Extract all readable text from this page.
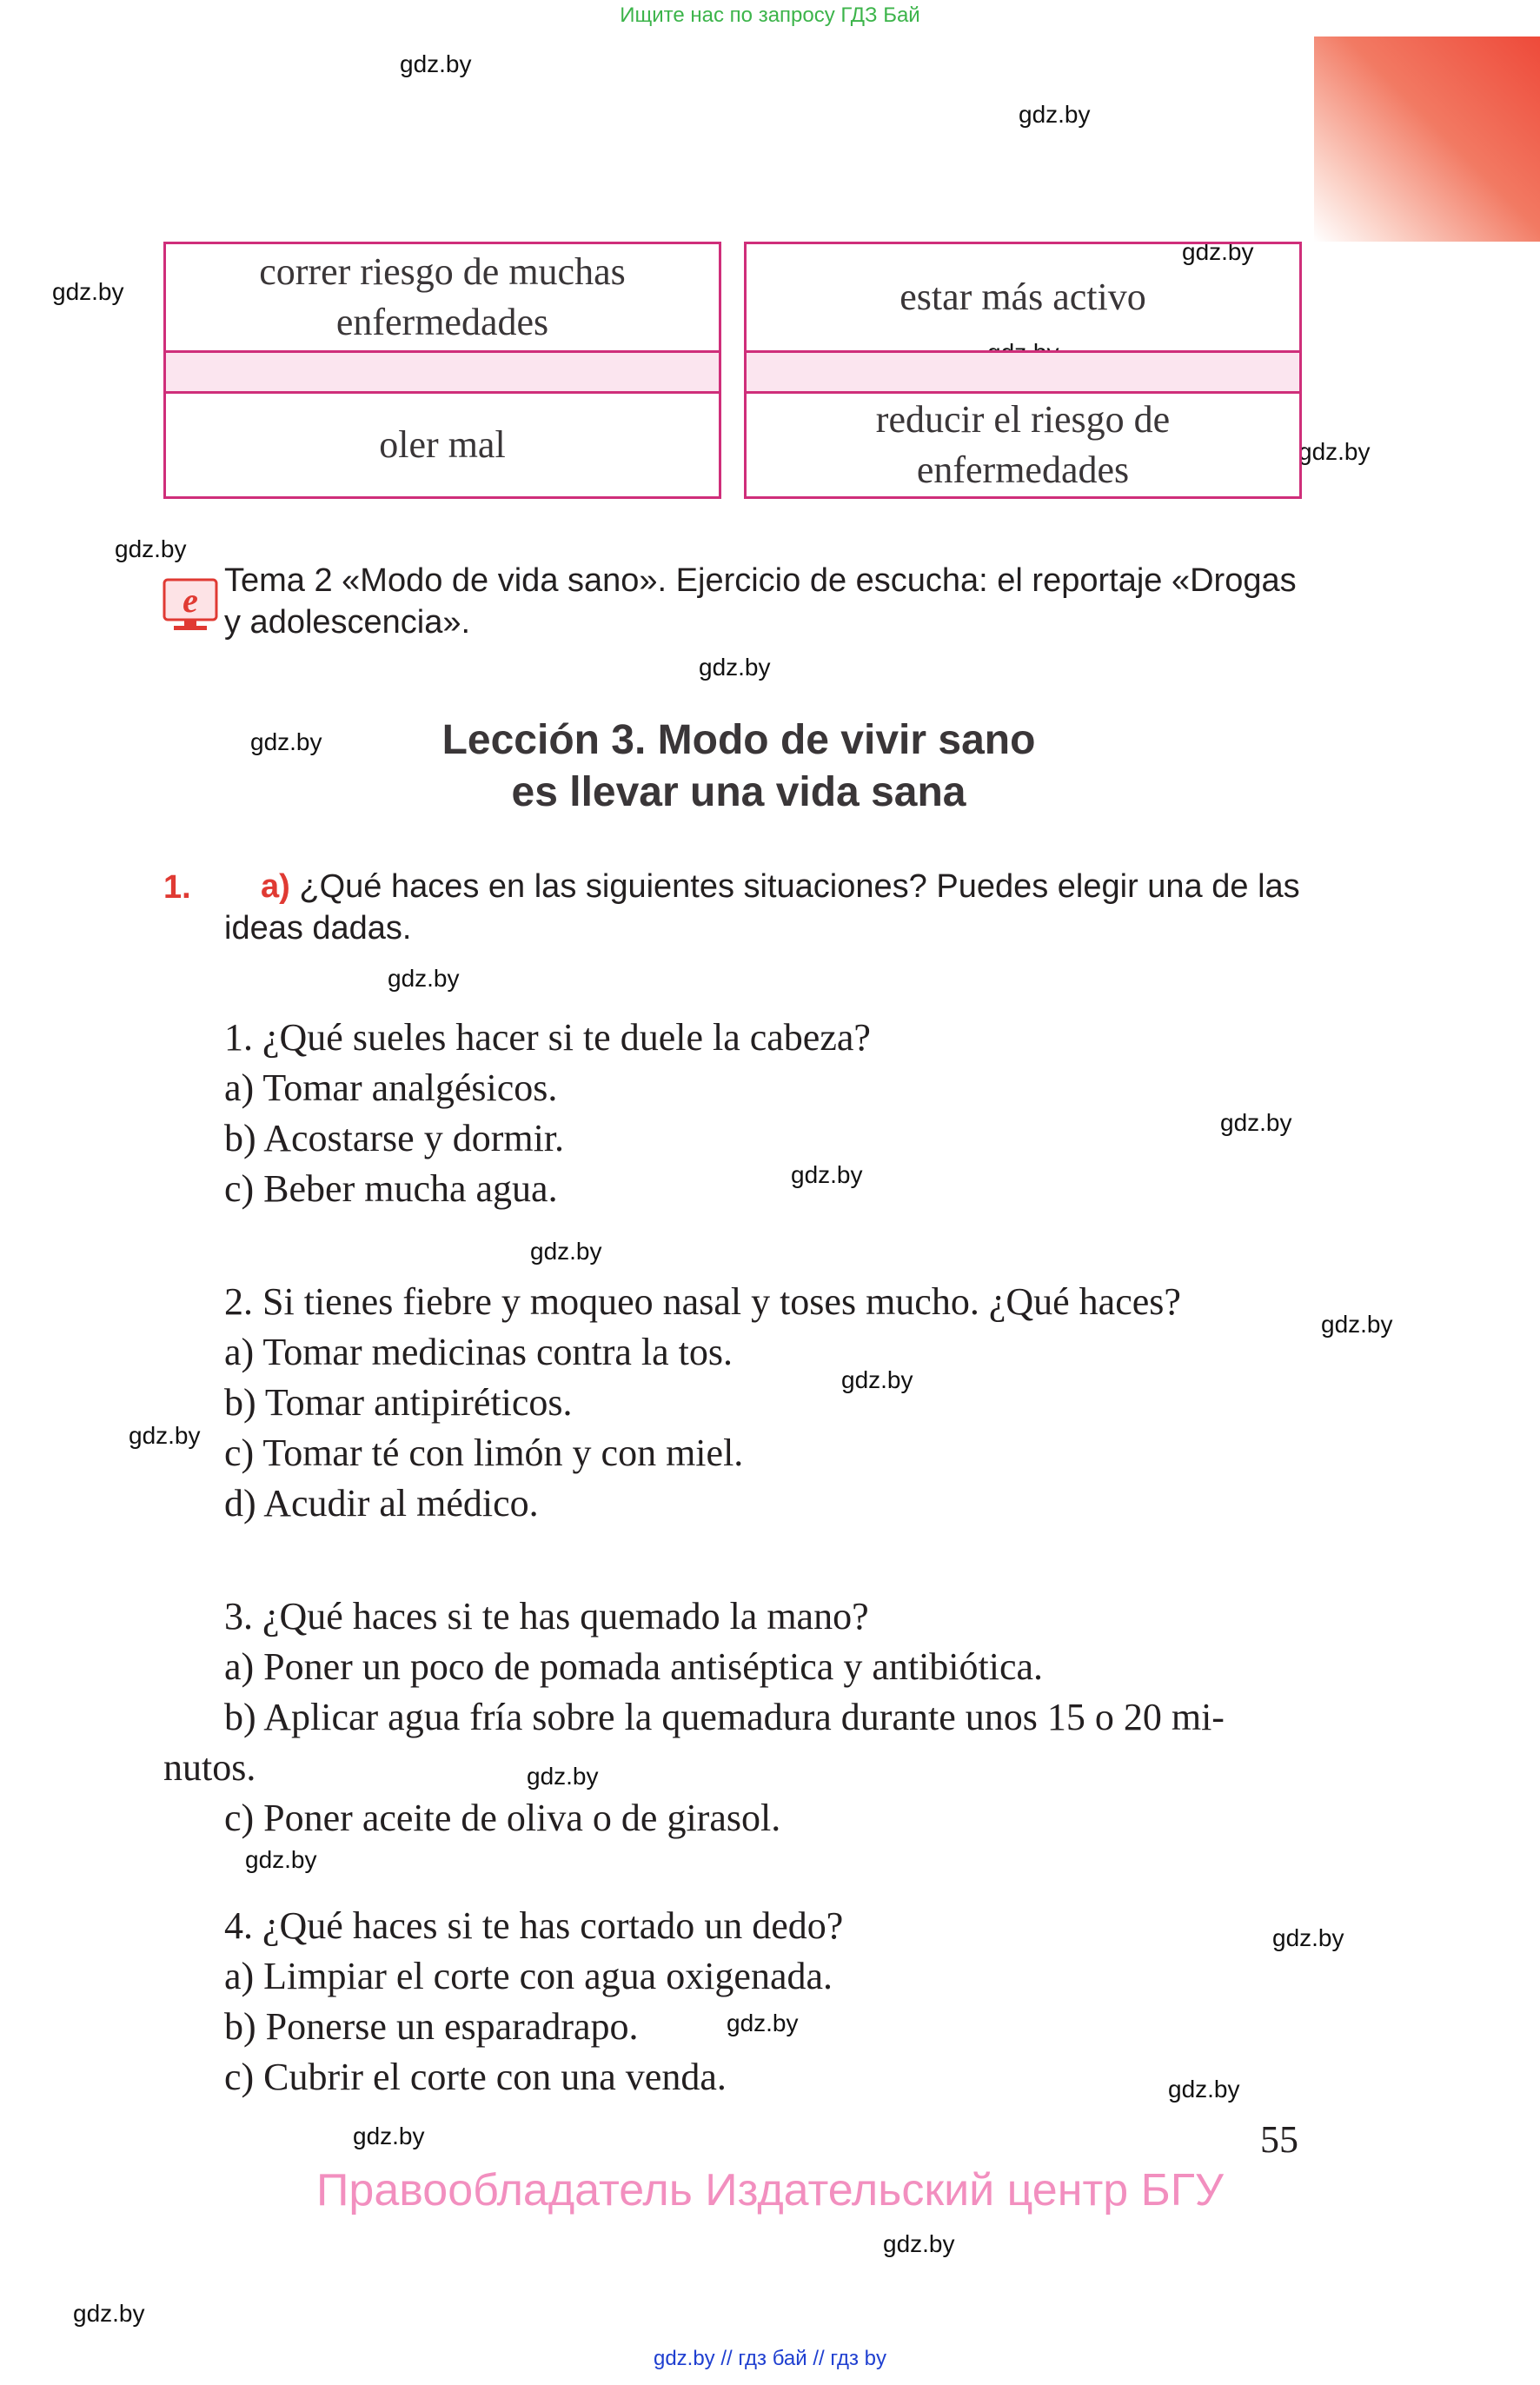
Ищите нас по запросу ГДЗ Бай
gdz.by
gdz.by
gdz.by
gdz.by
gdz.by
gdz.by
gdz.by
gdz.by
gdz.by
gdz.by
gdz.by
gdz.by
gdz.by
gdz.by
gdz.by
gdz.by
gdz.by
gdz.by
gdz.by
gdz.by
gdz.by
gdz.by
gdz.by
correr riesgo de muchas enfermedades
oler mal
estar más activo
reducir el riesgo de enfermedades
e Tema 2 «Modo de vida sano». Ejercicio de escucha: el reportaje «Drogas y adolescencia».
Lección 3. Modo de vivir sano
es llevar una vida sana
1.	a) ¿Qué haces en las siguientes situaciones? Puedes elegir una de las ideas dadas.
1. ¿Qué sueles hacer si te duele la cabeza?
a) Tomar analgésicos.
b) Acostarse y dormir.
c) Beber mucha agua.
2. Si tienes fiebre y moqueo nasal y toses mucho. ¿Qué haces?
a) Tomar medicinas contra la tos.
b) Tomar antipiréticos.
c) Tomar té con limón y con miel.
d) Acudir al médico.
3. ¿Qué haces si te has quemado la mano?
a) Poner un poco de pomada antiséptica y antibiótica.
b) Aplicar agua fría sobre la quemadura durante unos 15 o 20 mi-
nutos.
c) Poner aceite de oliva o de girasol.
4. ¿Qué haces si te has cortado un dedo?
a) Limpiar el corte con agua oxigenada.
b) Ponerse un esparadrapo.
c) Cubrir el corte con una venda.
55
Правообладатель Издательский центр БГУ
gdz.by // гдз бай // гдз by
